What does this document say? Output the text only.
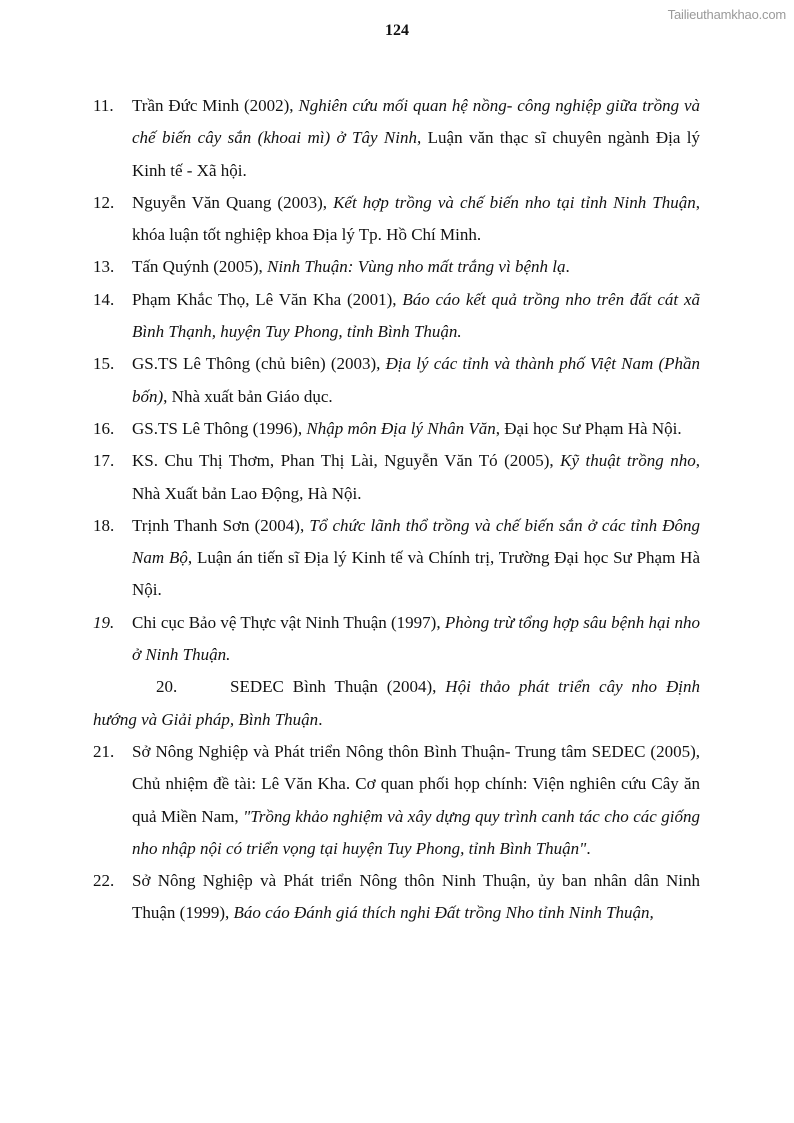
Tailieuthamkhao.com
124
11. Trần Đức Minh (2002), Nghiên cứu mối quan hệ nồng- công nghiệp giữa trồng và chế biến cây sắn (khoai mì) ở Tây Ninh, Luận văn thạc sĩ chuyên ngành Địa lý Kinh tế - Xã hội.
12. Nguyễn Văn Quang (2003), Kết hợp trồng và chế biến nho tại tỉnh Ninh Thuận, khóa luận tốt nghiệp khoa Địa lý Tp. Hồ Chí Minh.
13. Tấn Quýnh (2005), Ninh Thuận: Vùng nho mất trắng vì bệnh lạ.
14. Phạm Khắc Thọ, Lê Văn Kha (2001), Báo cáo kết quả trồng nho trên đất cát xã Bình Thạnh, huyện Tuy Phong, tỉnh Bình Thuận.
15. GS.TS Lê Thông (chủ biên) (2003), Địa lý các tỉnh và thành phố Việt Nam (Phần bốn), Nhà xuất bản Giáo dục.
16. GS.TS Lê Thông (1996), Nhập môn Địa lý Nhân Văn, Đại học Sư Phạm Hà Nội.
17. KS. Chu Thị Thơm, Phan Thị Lài, Nguyễn Văn Tó (2005), Kỹ thuật trồng nho, Nhà Xuất bản Lao Động, Hà Nội.
18. Trịnh Thanh Sơn (2004), Tổ chức lãnh thổ trồng và chế biến sắn ở các tỉnh Đông Nam Bộ, Luận án tiến sĩ Địa lý Kinh tế và Chính trị, Trường Đại học Sư Phạm Hà Nội.
19. Chi cục Bảo vệ Thực vật Ninh Thuận (1997), Phòng trừ tổng hợp sâu bệnh hại nho ở Ninh Thuận.
20.	SEDEC Bình Thuận (2004), Hội thảo phát triển cây nho Định hướng và Giải pháp, Bình Thuận.
21. Sở Nông Nghiệp và Phát triển Nông thôn Bình Thuận- Trung tâm SEDEC (2005), Chủ nhiệm đề tài: Lê Văn Kha. Cơ quan phối họp chính: Viện nghiên cứu Cây ăn quả Miền Nam, "Trồng khảo nghiệm và xây dựng quy trình canh tác cho các giống nho nhập nội có triển vọng tại huyện Tuy Phong, tỉnh Bình Thuận".
22. Sở Nông Nghiệp và Phát triển Nông thôn Ninh Thuận, ủy ban nhân dân Ninh Thuận (1999), Báo cáo Đánh giá thích nghi Đất trồng Nho tỉnh Ninh Thuận,
